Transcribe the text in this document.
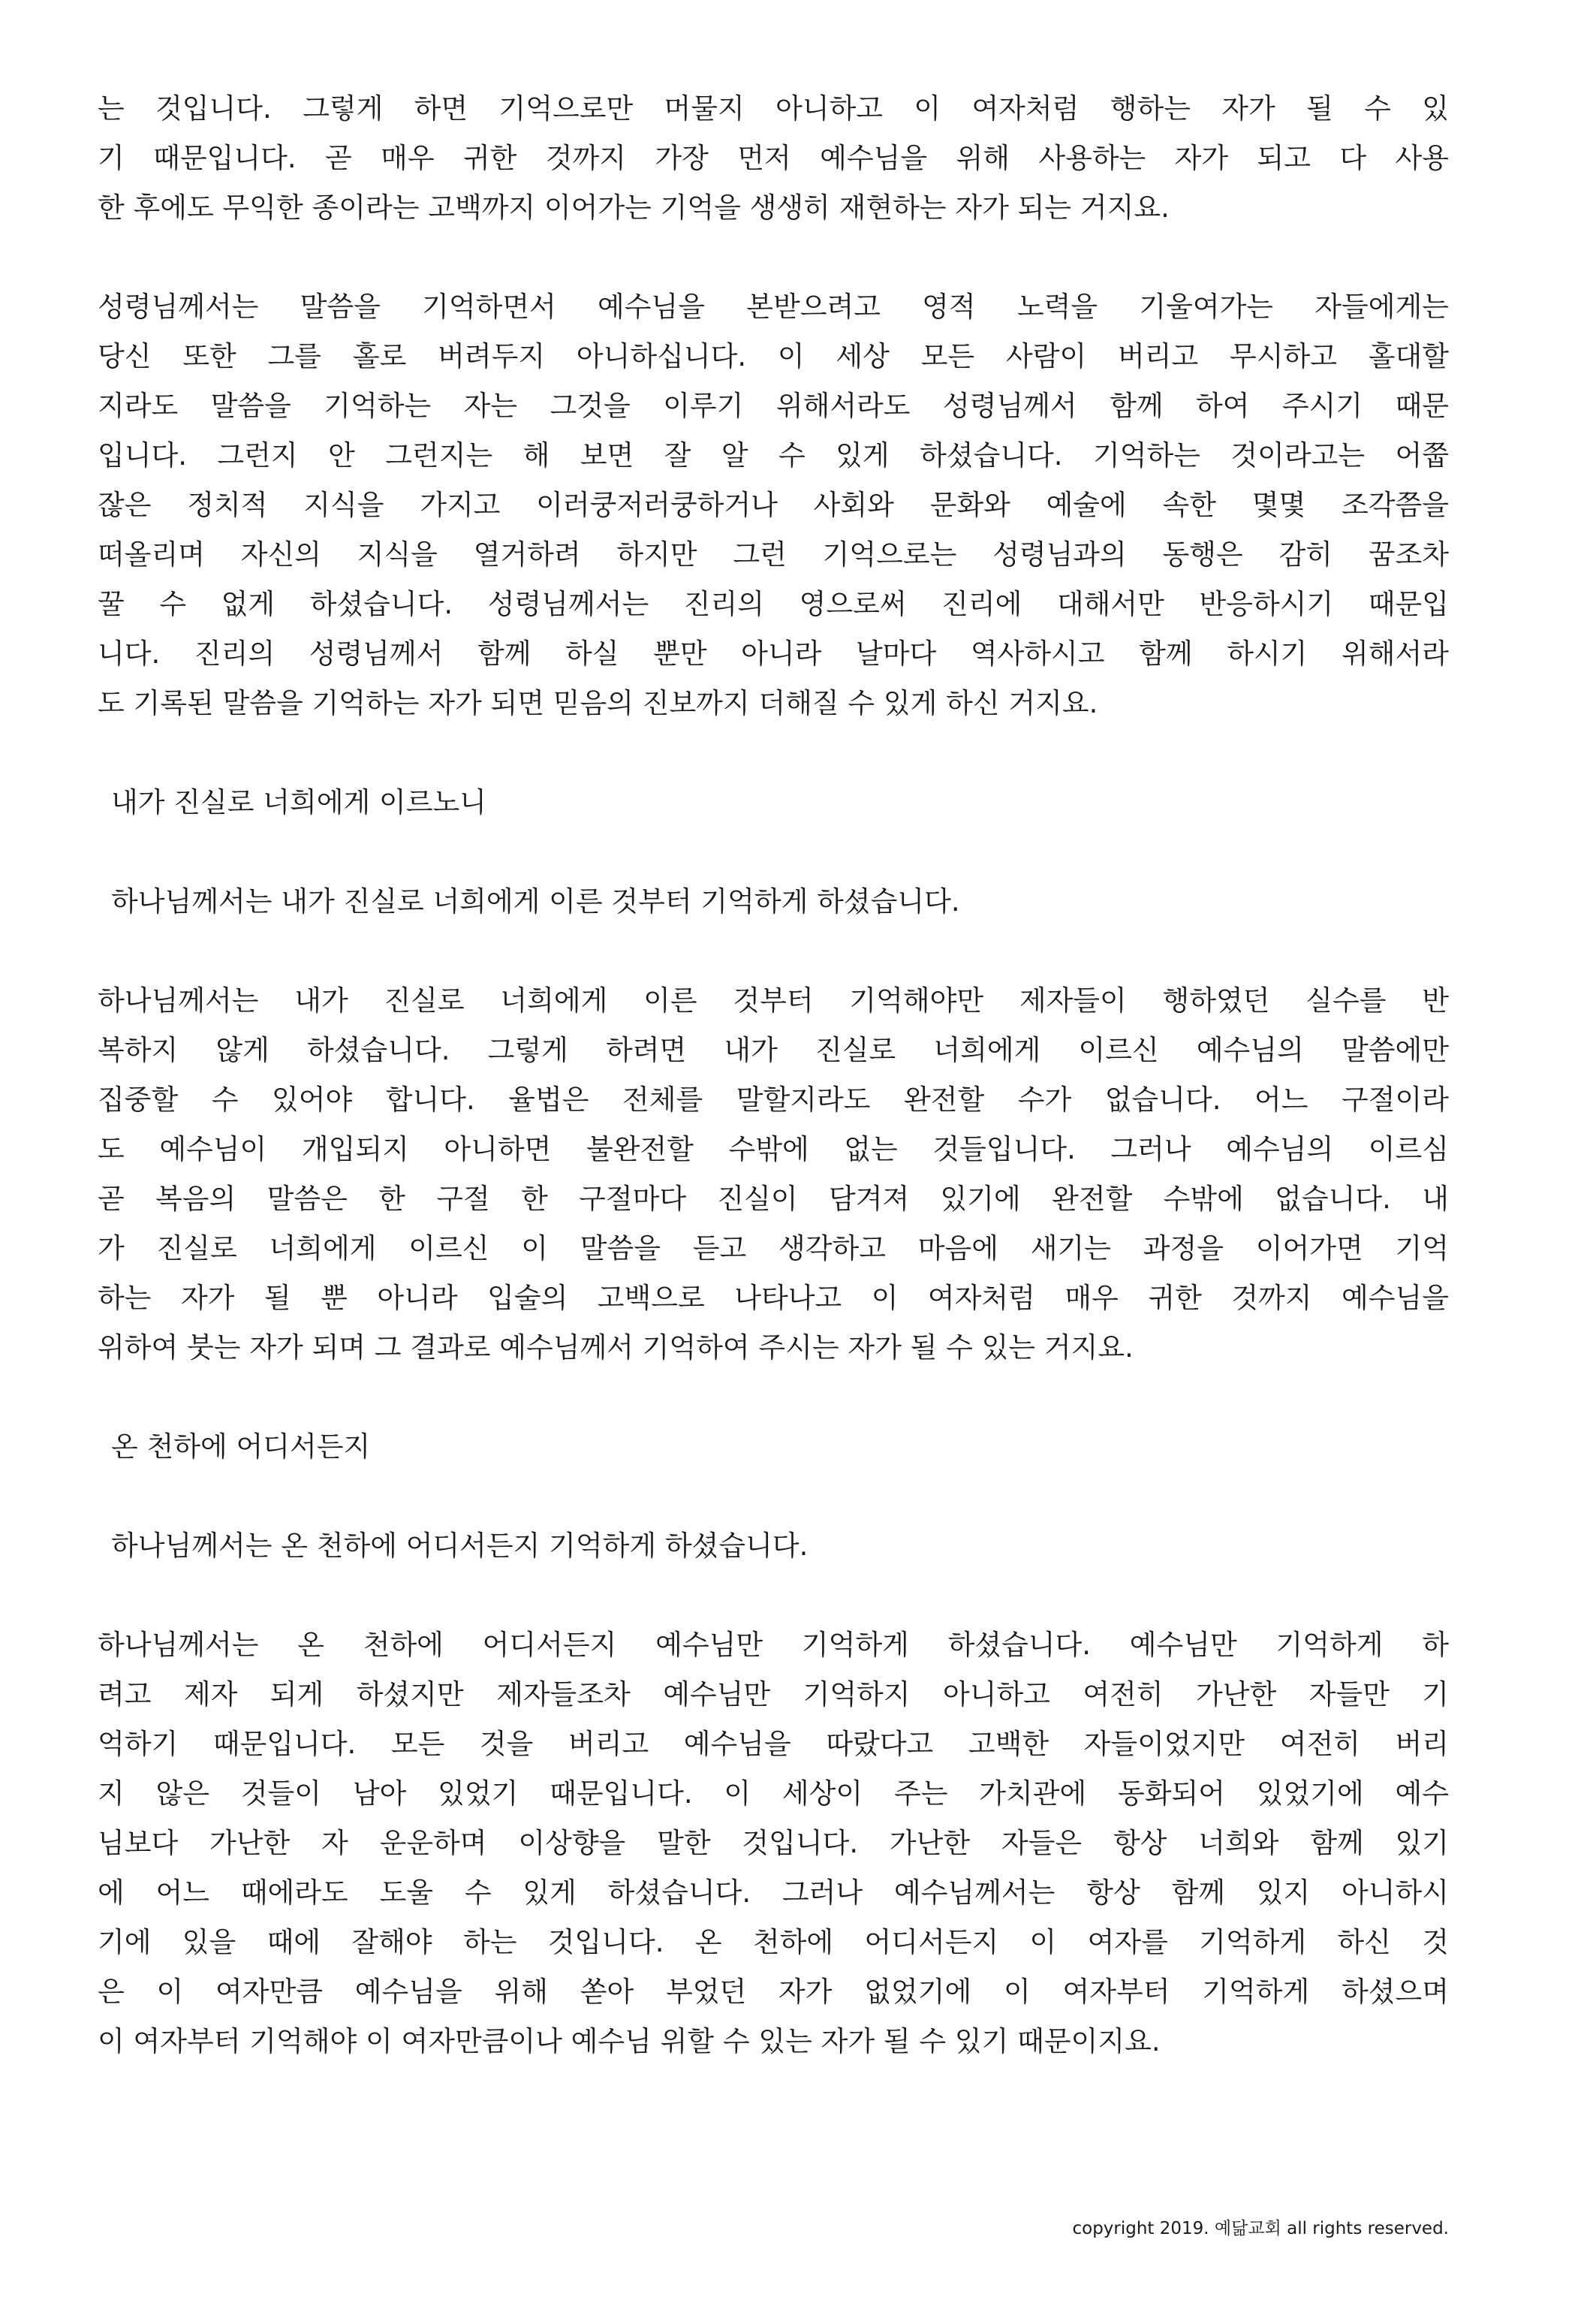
는 것입니다. 그렇게 하면 기억으로만 머물지 아니하고 이 여자처럼 행하는 자가 될 수 있
기 때문입니다. 곧 매우 귀한 것까지 가장 먼저 예수님을 위해 사용하는 자가 되고 다 사용
한 후에도 무익한 종이라는 고백까지 이어가는 기억을 생생히 재현하는 자가 되는 거지요.
성령님께서는 말씀을 기억하면서 예수님을 본받으려고 영적 노력을 기울여가는 자들에게는
당신 또한 그를 홀로 버려두지 아니하십니다. 이 세상 모든 사람이 버리고 무시하고 홀대할
지라도 말씀을 기억하는 자는 그것을 이루기 위해서라도 성령님께서 함께 하여 주시기 때문
입니다. 그런지 안 그런지는 해 보면 잘 알 수 있게 하셨습니다. 기억하는 것이라고는 어쭙
잖은 정치적 지식을 가지고 이러쿵저러쿵하거나 사회와 문화와 예술에 속한 몇몇 조각쯤을
떠올리며 자신의 지식을 열거하려 하지만 그런 기억으로는 성령님과의 동행은 감히 꿈조차
꿀 수 없게 하셨습니다. 성령님께서는 진리의 영으로써 진리에 대해서만 반응하시기 때문입
니다. 진리의 성령님께서 함께 하실 뿐만 아니라 날마다 역사하시고 함께 하시기 위해서라
도 기록된 말씀을 기억하는 자가 되면 믿음의 진보까지 더해질 수 있게 하신 거지요.
내가 진실로 너희에게 이르노니
하나님께서는 내가 진실로 너희에게 이른 것부터 기억하게 하셨습니다.
하나님께서는 내가 진실로 너희에게 이른 것부터 기억해야만 제자들이 행하였던 실수를 반
복하지 않게 하셨습니다. 그렇게 하려면 내가 진실로 너희에게 이르신 예수님의 말씀에만
집중할 수 있어야 합니다. 율법은 전체를 말할지라도 완전할 수가 없습니다. 어느 구절이라
도 예수님이 개입되지 아니하면 불완전할 수밖에 없는 것들입니다. 그러나 예수님의 이르심
곧 복음의 말씀은 한 구절 한 구절마다 진실이 담겨져 있기에 완전할 수밖에 없습니다. 내
가 진실로 너희에게 이르신 이 말씀을 듣고 생각하고 마음에 새기는 과정을 이어가면 기억
하는 자가 될 뿐 아니라 입술의 고백으로 나타나고 이 여자처럼 매우 귀한 것까지 예수님을
위하여 붓는 자가 되며 그 결과로 예수님께서 기억하여 주시는 자가 될 수 있는 거지요.
온 천하에 어디서든지
하나님께서는 온 천하에 어디서든지 기억하게 하셨습니다.
하나님께서는 온 천하에 어디서든지 예수님만 기억하게 하셨습니다. 예수님만 기억하게 하
려고 제자 되게 하셨지만 제자들조차 예수님만 기억하지 아니하고 여전히 가난한 자들만 기
억하기 때문입니다. 모든 것을 버리고 예수님을 따랐다고 고백한 자들이었지만 여전히 버리
지 않은 것들이 남아 있었기 때문입니다. 이 세상이 주는 가치관에 동화되어 있었기에 예수
님보다 가난한 자 운운하며 이상향을 말한 것입니다. 가난한 자들은 항상 너희와 함께 있기
에 어느 때에라도 도울 수 있게 하셨습니다. 그러나 예수님께서는 항상 함께 있지 아니하시
기에 있을 때에 잘해야 하는 것입니다. 온 천하에 어디서든지 이 여자를 기억하게 하신 것
은 이 여자만큼 예수님을 위해 쏟아 부었던 자가 없었기에 이 여자부터 기억하게 하셨으며
이 여자부터 기억해야 이 여자만큼이나 예수님 위할 수 있는 자가 될 수 있기 때문이지요.
copyright 2019. 예닮교회 all rights reserved.
